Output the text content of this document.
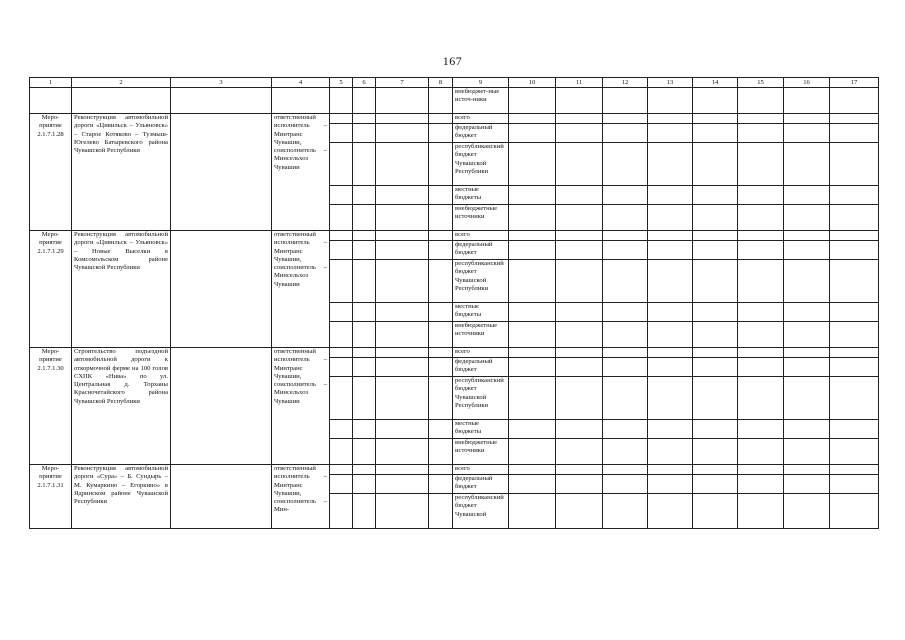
167
1	2	3	4	5	6	7	8	9	10	11	12	13	14	15	16	17
								внебюджет-ные источ-ники								
Меро-приятие 2.1.7.1.28	Реконструкция автомобильной дороги «Цивильск – Ульяновск» – Старое Котяково – Тузмыш-Югелево Батыревского района Чувашской Республики		ответственный исполнитель – Минтранс Чувашии, соисполнитель – Минсельхоз Чувашии					всего								
								федеральный бюджет								
								республиканский бюджет Чувашской Республики								
								местные бюджеты								
								внебюджетные источники								
Меро-приятие 2.1.7.1.29	Реконструкция автомобильной дороги «Цивильск – Ульяновск» – Новые Выселки в Комсомольском районе Чувашской Республики		ответственный исполнитель – Минтранс Чувашии, соисполнитель – Минсельхоз Чувашии					всего								
								федеральный бюджет								
								республиканский бюджет Чувашской Республики								
								местные бюджеты								
								внебюджетные источники								
Меро-приятие 2.1.7.1.30	Строительство подъездной автомобильной дороги к откормочной ферме на 100 голов СХПК «Нива» по ул. Центральная д. Торханы Красночетайского района Чувашской Республики		ответственный исполнитель – Минтранс Чувашии, соисполнитель – Минсельхоз Чувашии					всего								
								федеральный бюджет								
								республиканский бюджет Чувашской Республики								
								местные бюджеты								
								внебюджетные источники								
Меро-приятие 2.1.7.1.31	Реконструкция автомобильной дороги «Сура» – Б. Сундырь – М. Кумаркино – Егоркино» в Ядринском районе Чувашской Республики		ответственный исполнитель – Минтранс Чувашии, соисполнитель – Мин-					всего								
								федеральный бюджет								
								республиканский бюджет Чувашской								
